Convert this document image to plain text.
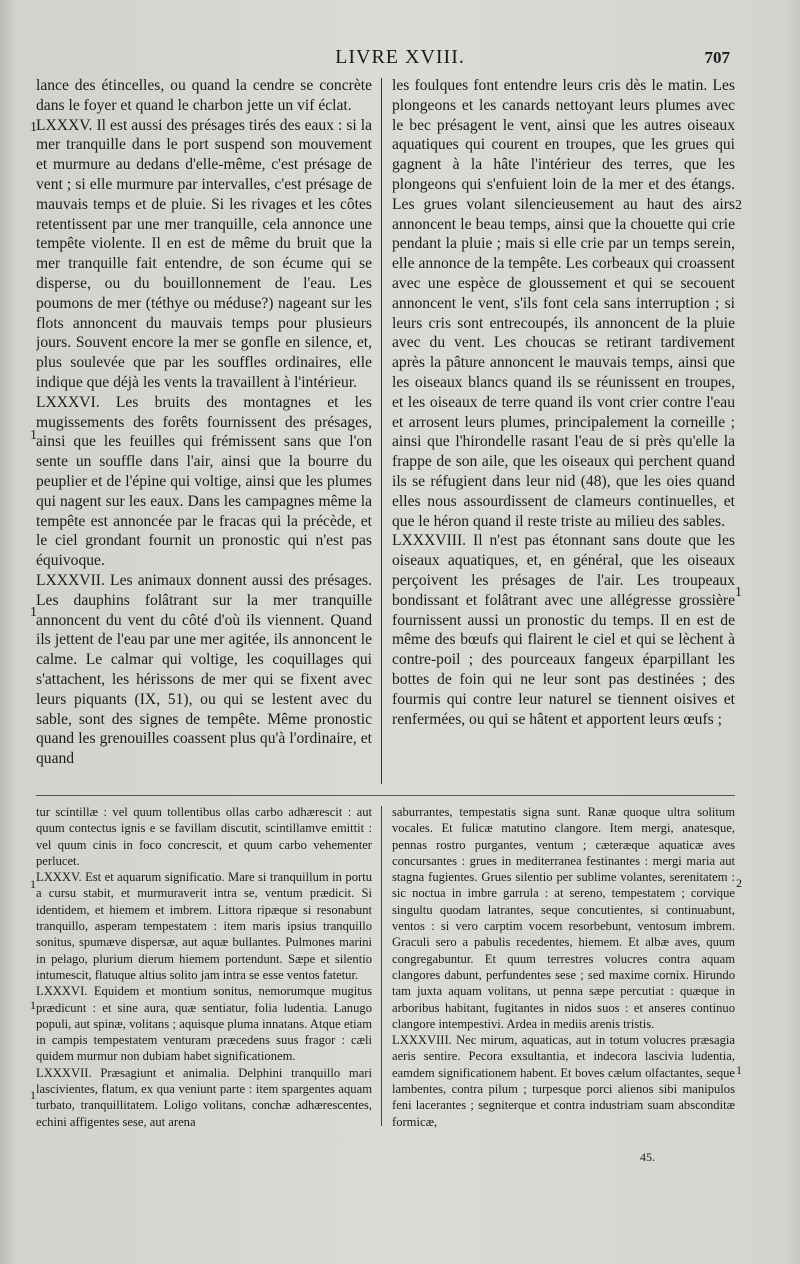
LIVRE XVIII.	707

lance des étincelles, ou quand la cendre se concrète dans le foyer et quand le charbon jette un vif éclat.

LXXXV. Il est aussi des présages tirés des eaux : si la mer tranquille dans le port suspend son mouvement et murmure au dedans d'elle-même, c'est présage de vent ; si elle murmure par intervalles, c'est présage de mauvais temps et de pluie. Si les rivages et les côtes retentissent par une mer tranquille, cela annonce une tempête violente. Il en est de même du bruit que la mer tranquille fait entendre, de son écume qui se disperse, ou du bouillonnement de l'eau. Les poumons de mer (téthye ou méduse?) nageant sur les flots annoncent du mauvais temps pour plusieurs jours. Souvent encore la mer se gonfle en silence, et, plus soulevée que par les souffles ordinaires, elle indique que déjà les vents la travaillent à l'intérieur.

LXXXVI. Les bruits des montagnes et les mugissements des forêts fournissent des présages, ainsi que les feuilles qui frémissent sans que l'on sente un souffle dans l'air, ainsi que la bourre du peuplier et de l'épine qui voltige, ainsi que les plumes qui nagent sur les eaux. Dans les campagnes même la tempête est annoncée par le fracas qui la précède, et le ciel grondant fournit un pronostic qui n'est pas équivoque.

LXXXVII. Les animaux donnent aussi des présages. Les dauphins folâtrant sur la mer tranquille annoncent du vent du côté d'où ils viennent. Quand ils jettent de l'eau par une mer agitée, ils annoncent le calme. Le calmar qui voltige, les coquillages qui s'attachent, les hérissons de mer qui se fixent avec leurs piquants (IX, 51), ou qui se lestent avec du sable, sont des signes de tempête. Même pronostic quand les grenouilles coassent plus qu'à l'ordinaire, et quand

les foulques font entendre leurs cris dès le matin. Les plongeons et les canards nettoyant leurs plumes avec le bec présagent le vent, ainsi que les autres oiseaux aquatiques qui courent en troupes, que les grues qui gagnent à la hâte l'intérieur des terres, que les plongeons qui s'enfuient loin de la mer et des étangs. Les grues volant silencieusement au haut des airs annoncent le beau temps, ainsi que la chouette qui crie pendant la pluie ; mais si elle crie par un temps serein, elle annonce de la tempête. Les corbeaux qui croassent avec une espèce de gloussement et qui se secouent annoncent le vent, s'ils font cela sans interruption ; si leurs cris sont entrecoupés, ils annoncent de la pluie avec du vent. Les choucas se retirant tardivement après la pâture annoncent le mauvais temps, ainsi que les oiseaux blancs quand ils se réunissent en troupes, et les oiseaux de terre quand ils vont crier contre l'eau et arrosent leurs plumes, principalement la corneille ; ainsi que l'hirondelle rasant l'eau de si près qu'elle la frappe de son aile, que les oiseaux qui perchent quand ils se réfugient dans leur nid (48), que les oies quand elles nous assourdissent de clameurs continuelles, et que le héron quand il reste triste au milieu des sables.

LXXXVIII. Il n'est pas étonnant sans doute que les oiseaux aquatiques, et, en général, que les oiseaux perçoivent les présages de l'air. Les troupeaux bondissant et folâtrant avec une allégresse grossière fournissent aussi un pronostic du temps. Il en est de même des bœufs qui flairent le ciel et qui se lèchent à contre-poil ; des pourceaux fangeux éparpillant les bottes de foin qui ne leur sont pas destinées ; des fourmis qui contre leur naturel se tiennent oisives et renfermées, ou qui se hâtent et apportent leurs œufs ;

1
1
1
2
1

tur scintillæ : vel quum tollentibus ollas carbo adhærescit : aut quum contectus ignis e se favillam discutit, scintillamve emittit : vel quum cinis in foco concrescit, et quum carbo vehementer perlucet.

LXXXV. Est et aquarum significatio. Mare si tranquillum in portu a cursu stabit, et murmuraverit intra se, ventum prædicit. Si identidem, et hiemem et imbrem. Littora ripæque si resonabunt tranquillo, asperam tempestatem : item maris ipsius tranquillo sonitus, spumæve dispersæ, aut aquæ bullantes. Pulmones marini in pelago, plurium dierum hiemem portendunt. Sæpe et silentio intumescit, flatuque altius solito jam intra se esse ventos fatetur.

LXXXVI. Equidem et montium sonitus, nemorumque mugitus prædicunt : et sine aura, quæ sentiatur, folia ludentia. Lanugo populi, aut spinæ, volitans ; aquisque pluma innatans. Atque etiam in campis tempestatem venturam præcedens suus fragor : cæli quidem murmur non dubiam habet significationem.

LXXXVII. Præsagiunt et animalia. Delphini tranquillo mari lascivientes, flatum, ex qua veniunt parte : item spargentes aquam turbato, tranquillitatem. Loligo volitans, conchæ adhærescentes, echini affigentes sese, aut arena

saburrantes, tempestatis signa sunt. Ranæ quoque ultra solitum vocales. Et fulicæ matutino clangore. Item mergi, anatesque, pennas rostro purgantes, ventum ; cæteræque aquaticæ aves concursantes : grues in mediterranea festinantes : mergi maria aut stagna fugientes. Grues silentio per sublime volantes, serenitatem : sic noctua in imbre garrula : at sereno, tempestatem ; corvique singultu quodam latrantes, seque concutientes, si continuabunt, ventos : si vero carptim vocem resorbebunt, ventosum imbrem. Graculi sero a pabulis recedentes, hiemem. Et albæ aves, quum congregabuntur. Et quum terrestres volucres contra aquam clangores dabunt, perfundentes sese ; sed maxime cornix. Hirundo tam juxta aquam volitans, ut penna sæpe percutiat : quæque in arboribus habitant, fugitantes in nidos suos : et anseres continuo clangore intempestivi. Ardea in mediis arenis tristis.

LXXXVIII. Nec mirum, aquaticas, aut in totum volucres præsagia aeris sentire. Pecora exsultantia, et indecora lascivia ludentia, eamdem significationem habent. Et boves cælum olfactantes, seque lambentes, contra pilum ; turpesque porci alienos sibi manipulos feni lacerantes ; segniterque et contra industriam suam absconditæ formicæ,

1
1
1
2
1
45.
